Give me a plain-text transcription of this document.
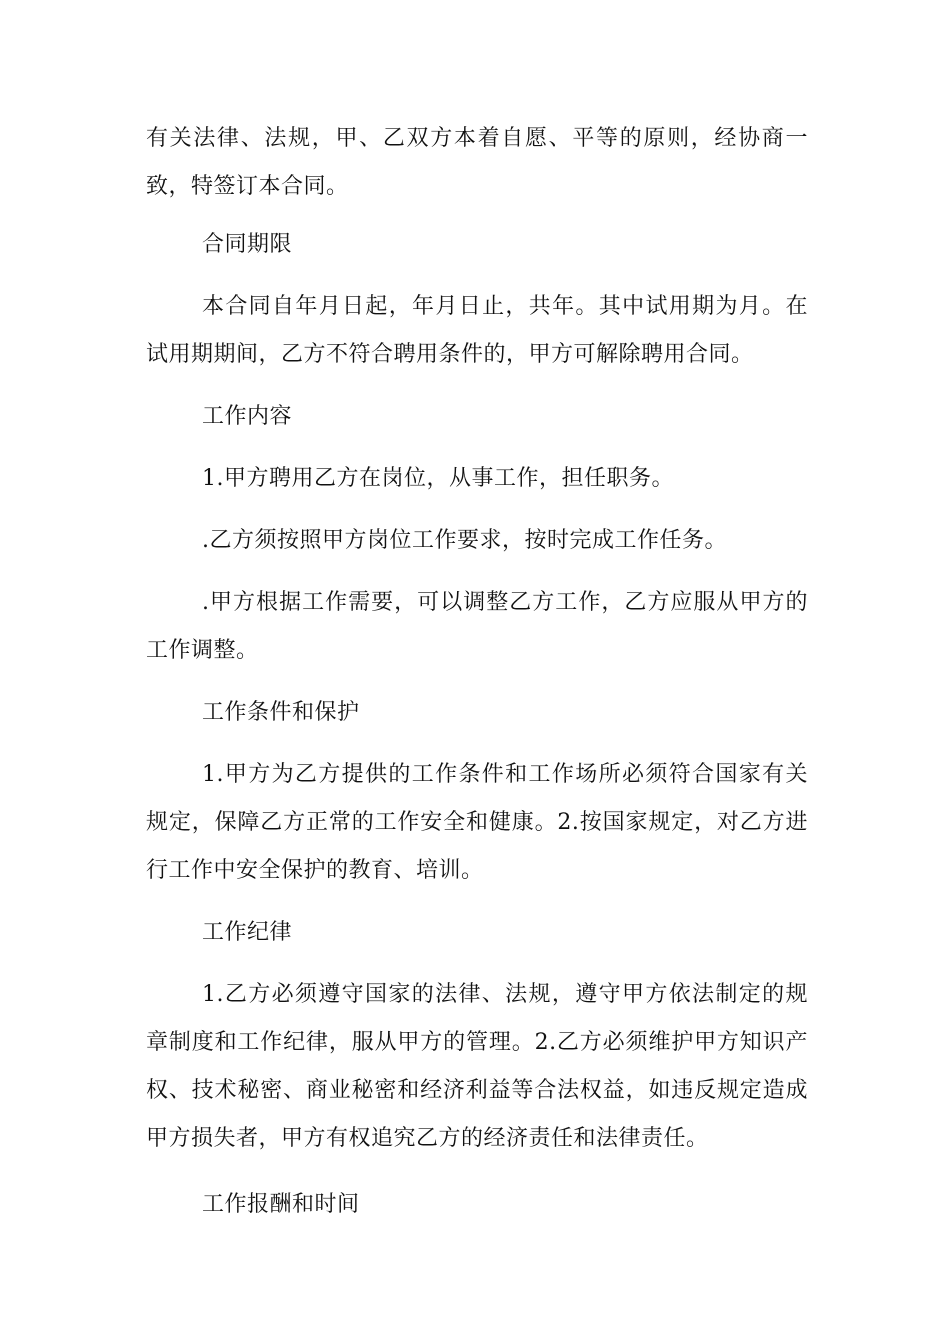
有关法律、法规，甲、乙双方本着自愿、平等的原则，经协商一致，特签订本合同。

合同期限

本合同自年月日起，年月日止，共年。其中试用期为月。在试用期期间，乙方不符合聘用条件的，甲方可解除聘用合同。

工作内容

1.甲方聘用乙方在岗位，从事工作，担任职务。

.乙方须按照甲方岗位工作要求，按时完成工作任务。

.甲方根据工作需要，可以调整乙方工作，乙方应服从甲方的工作调整。

工作条件和保护

1.甲方为乙方提供的工作条件和工作场所必须符合国家有关规定，保障乙方正常的工作安全和健康。2.按国家规定，对乙方进行工作中安全保护的教育、培训。

工作纪律

1.乙方必须遵守国家的法律、法规，遵守甲方依法制定的规章制度和工作纪律，服从甲方的管理。2.乙方必须维护甲方知识产权、技术秘密、商业秘密和经济利益等合法权益，如违反规定造成甲方损失者，甲方有权追究乙方的经济责任和法律责任。

工作报酬和时间
